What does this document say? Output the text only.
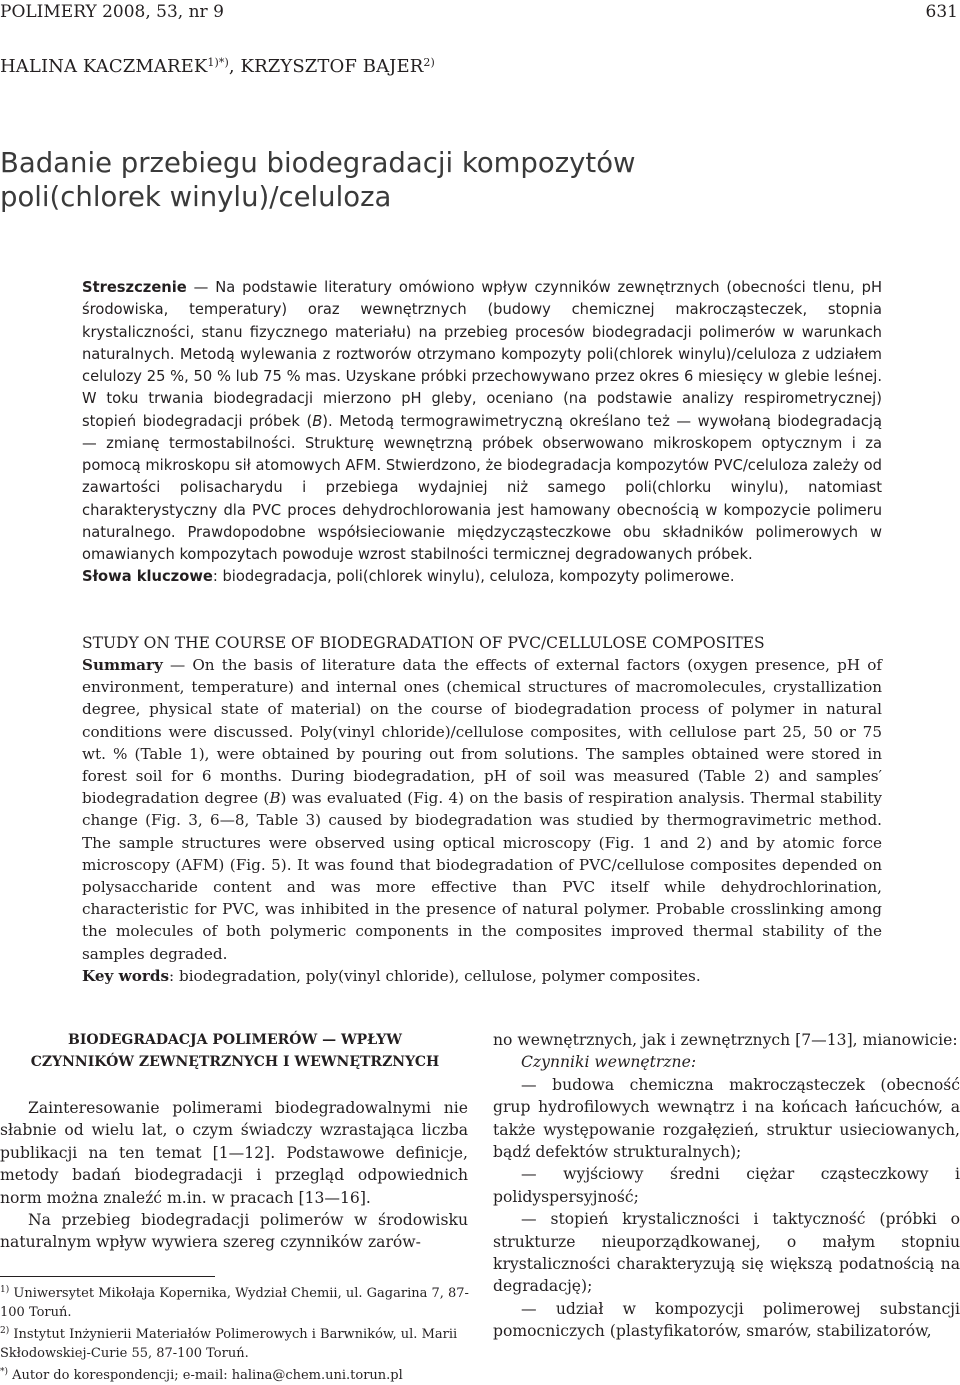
POLIMERY 2008, 53, nr 9	631
HALINA $KACZMAREK^{1)*)}$, KRZYSZTOF BAJER$^{2)}$
Badanie przebiegu biodegradacji kompozytów
poli(chlorek winylu)/celuloza
Streszczenie — Na podstawie literatury omówiono wpływ czynników zewnętrznych (obecności tlenu, pH środowiska, temperatury) oraz wewnętrznych (budowy chemicznej makrocząsteczek, stopnia krystaliczności, stanu fizycznego materiału) na przebieg procesów biodegradacji polimerów w warunkach naturalnych. Metodą wylewania z roztworów otrzymano kompozyty poli(chlorek winylu)/celuloza z udziałem celulozy 25 %, 50 % lub 75 % mas. Uzyskane próbki przechowywano przez okres 6 miesięcy w glebie leśnej. W toku trwania biodegradacji mierzono pH gleby, oceniano (na podstawie analizy respirometrycznej) stopień biodegradacji próbek (B). Metodą termograwimetryczną określano też — wywołaną biodegradacją — zmianę termostabilności. Strukturę wewnętrzną próbek obserwowano mikroskopem optycznym i za pomocą mikroskopu sił atomowych AFM. Stwierdzono, że biodegradacja kompozytów PVC/celuloza zależy od zawartości polisacharydu i przebiega wydajniej niż samego poli(chlorku winylu), natomiast charakterystyczny dla PVC proces dehydrochlorowania jest hamowany obecnością w kompozycie polimeru naturalnego. Prawdopodobne współsieciowanie międzycząsteczkowe obu składników polimerowych w omawianych kompozytach powoduje wzrost stabilności termicznej degradowanych próbek.
Słowa kluczowe: biodegradacja, poli(chlorek winylu), celuloza, kompozyty polimerowe.
STUDY ON THE COURSE OF BIODEGRADATION OF PVC/CELLULOSE COMPOSITES
Summary — On the basis of literature data the effects of external factors (oxygen presence, pH of environment, temperature) and internal ones (chemical structures of macromolecules, crystallization degree, physical state of material) on the course of biodegradation process of polymer in natural conditions were discussed. Poly(vinyl chloride)/cellulose composites, with cellulose part 25, 50 or 75 wt. % (Table 1), were obtained by pouring out from solutions. The samples obtained were stored in forest soil for 6 months. During biodegradation, pH of soil was measured (Table 2) and samples′ biodegradation degree (B) was evaluated (Fig. 4) on the basis of respiration analysis. Thermal stability change (Fig. 3, 6—8, Table 3) caused by biodegradation was studied by thermogravimetric method. The sample structures were observed using optical microscopy (Fig. 1 and 2) and by atomic force microscopy (AFM) (Fig. 5). It was found that biodegradation of PVC/cellulose composites depended on polysaccharide content and was more effective than PVC itself while dehydrochlorination, characteristic for PVC, was inhibited in the presence of natural polymer. Probable crosslinking among the molecules of both polymeric components in the composites improved thermal stability of the samples degraded.
Key words: biodegradation, poly(vinyl chloride), cellulose, polymer composites.
BIODEGRADACJA POLIMERÓW — WPŁYW
CZYNNIKÓW ZEWNĘTRZNYCH I WEWNĘTRZNYCH

Zainteresowanie polimerami biodegradowalnymi nie słabnie od wielu lat, o czym świadczy wzrastająca liczba publikacji na ten temat [1—12]. Podstawowe definicje, metody badań biodegradacji i przegląd odpowiednich norm można znaleźć m.in. w pracach [13—16].

Na przebieg biodegradacji polimerów w środowisku naturalnym wpływ wywiera szereg czynników zarów-

$^{1)}$ Uniwersytet Mikołaja Kopernika, Wydział Chemii, ul. Gagarina 7, 87-100 Toruń.

$^{2)}$ Instytut Inżynierii Materiałów Polimerowych i Barwników, ul. Marii Skłodowskiej-Curie 55, 87-100 Toruń.

*) Autor do korespondencji; e-mail: halina@chem.uni.torun.pl

no wewnętrznych, jak i zewnętrznych [7—13], mianowicie:

Czynniki wewnętrzne:

— budowa chemiczna makrocząsteczek (obecność grup hydrofilowych wewnątrz i na końcach łańcuchów, a także występowanie rozgałęzień, struktur usieciowanych, bądź defektów strukturalnych);

— wyjściowy średni ciężar cząsteczkowy i polidyspersyjność;

— stopień krystaliczności i taktyczność (próbki o strukturze nieuporządkowanej, o małym stopniu krystaliczności charakteryzują się większą podatnością na degradację);

— udział w kompozycji polimerowej substancji pomocniczych (plastyfikatorów, smarów, stabilizatorów,
